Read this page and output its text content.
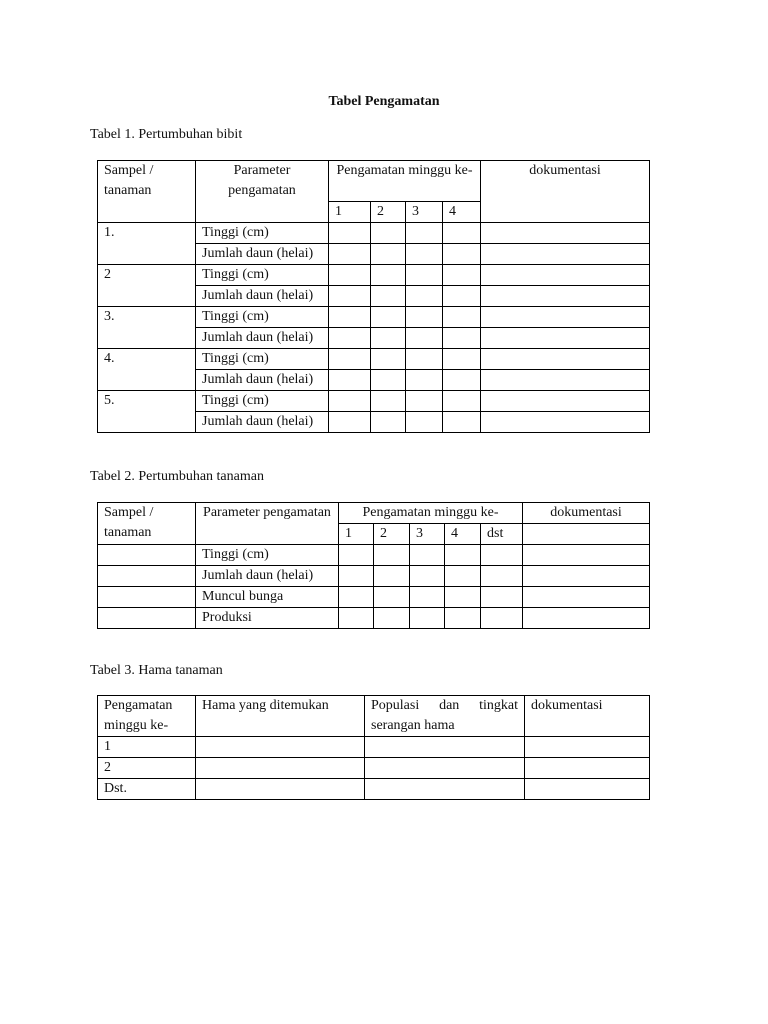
Tabel Pengamatan
Tabel 1. Pertumbuhan bibit
Sampel / tanaman	Parameter pengamatan	Pengamatan minggu ke-				dokumentasi
		1	2	3	4	
1.	Tinggi (cm)					
	Jumlah daun (helai)					
2	Tinggi (cm)					
	Jumlah daun (helai)					
3.	Tinggi (cm)					
	Jumlah daun (helai)					
4.	Tinggi (cm)					
	Jumlah daun (helai)					
5.	Tinggi (cm)					
	Jumlah daun (helai)					
Tabel 2. Pertumbuhan tanaman
Sampel / tanaman	Parameter pengamatan	Pengamatan minggu ke-					dokumentasi
		1	2	3	4	dst	
	Tinggi (cm)						
	Jumlah daun (helai)						
	Muncul bunga						
	Produksi						
Tabel 3. Hama tanaman
Pengamatan minggu ke-	Hama yang ditemukan	Populasi dan tingkat serangan hama	dokumentasi
1			
2			
Dst.			
